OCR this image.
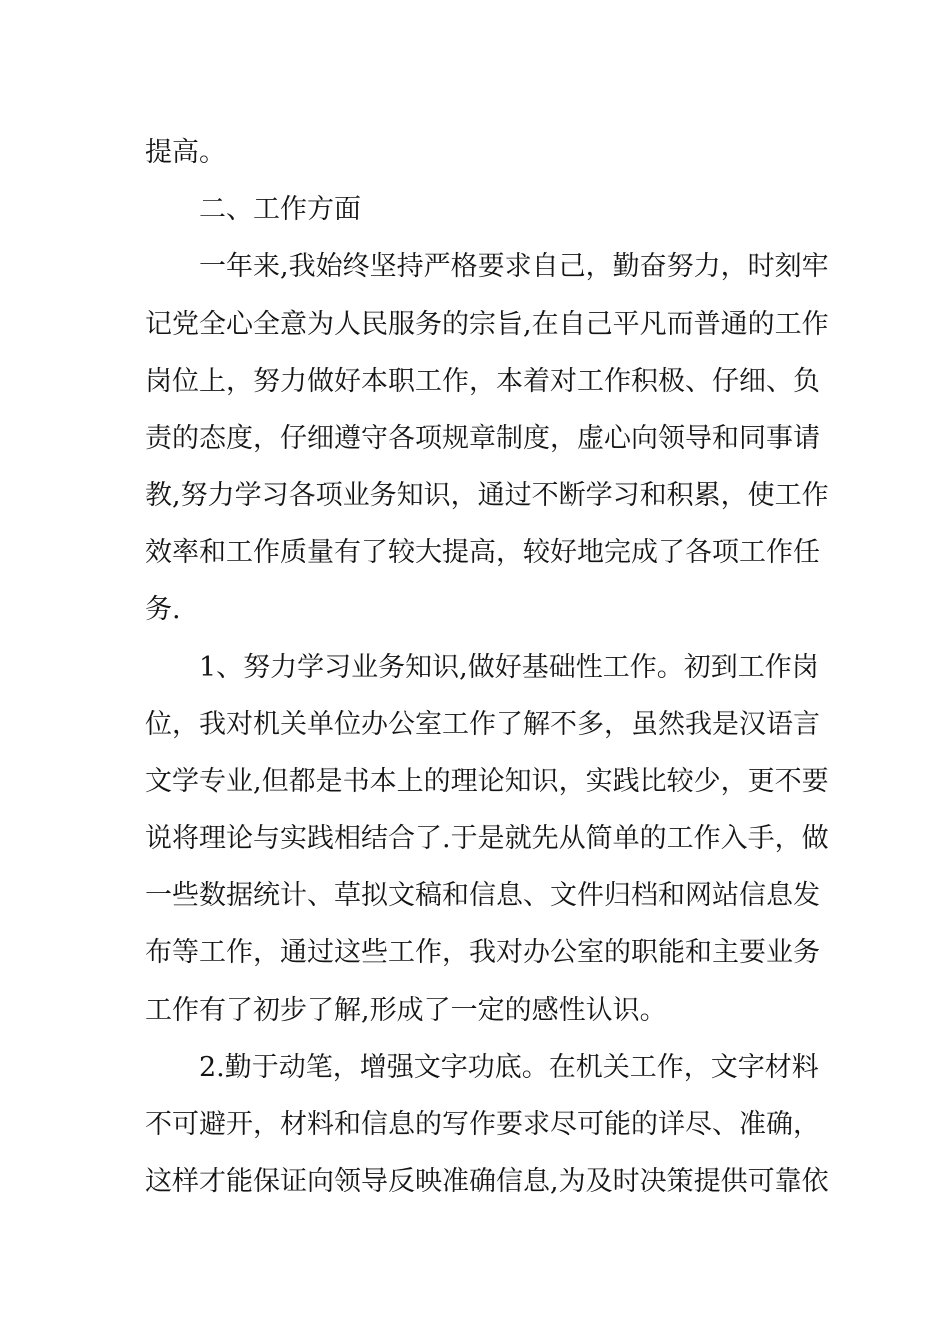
提高。
二、工作方面
一年来,我始终坚持严格要求自己，勤奋努力，时刻牢
记党全心全意为人民服务的宗旨,在自己平凡而普通的工作
岗位上，努力做好本职工作，本着对工作积极、仔细、负
责的态度，仔细遵守各项规章制度，虚心向领导和同事请
教,努力学习各项业务知识，通过不断学习和积累，使工作
效率和工作质量有了较大提高，较好地完成了各项工作任
务.
1、努力学习业务知识,做好基础性工作。初到工作岗
位，我对机关单位办公室工作了解不多，虽然我是汉语言
文学专业,但都是书本上的理论知识，实践比较少，更不要
说将理论与实践相结合了.于是就先从简单的工作入手，做
一些数据统计、草拟文稿和信息、文件归档和网站信息发
布等工作，通过这些工作，我对办公室的职能和主要业务
工作有了初步了解,形成了一定的感性认识。
2.勤于动笔，增强文字功底。在机关工作，文字材料
不可避开，材料和信息的写作要求尽可能的详尽、准确，
这样才能保证向领导反映准确信息,为及时决策提供可靠依
